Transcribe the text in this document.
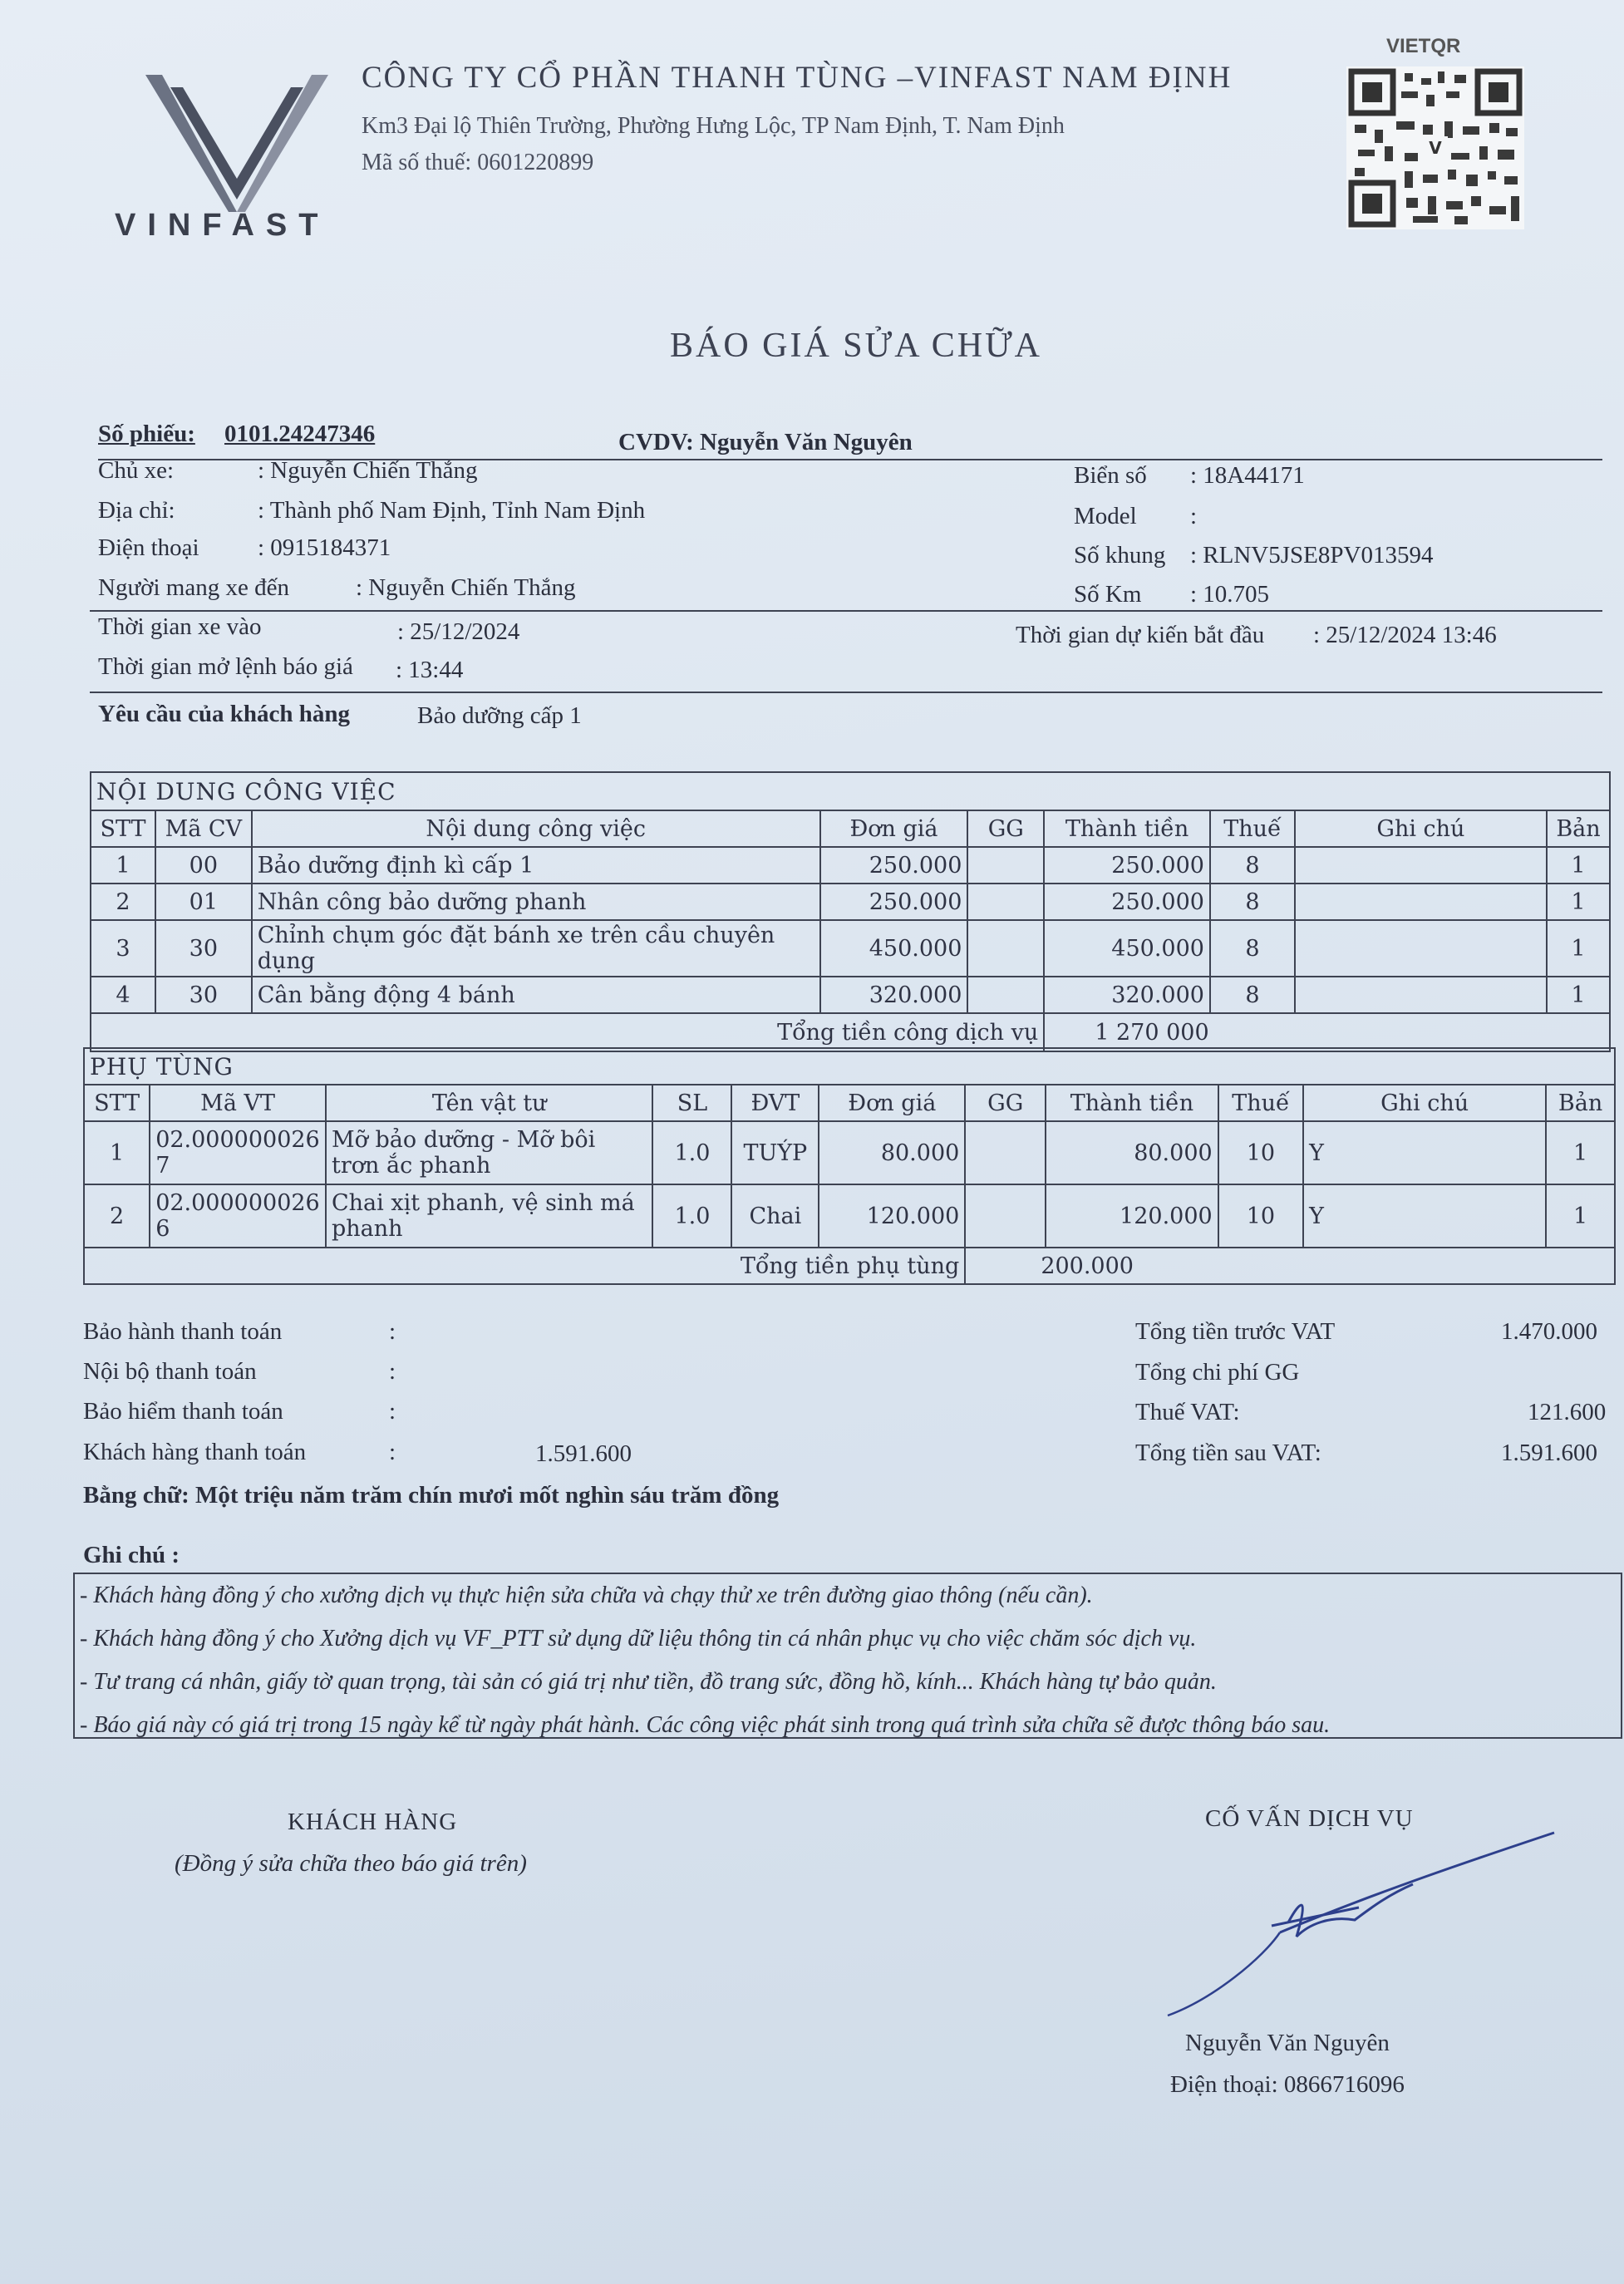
VINFAST
CÔNG TY CỔ PHẦN THANH TÙNG –VINFAST NAM ĐỊNH
Km3 Đại lộ Thiên Trường, Phường Hưng Lộc, TP Nam Định, T. Nam Định
Mã số thuế: 0601220899
VIETQR
V
BÁO GIÁ SỬA CHỮA
Số phiếu: 0101.24247346	CVDV: Nguyễn Văn Nguyên
Chủ xe:	: Nguyễn Chiến Thắng
Địa chỉ:	: Thành phố Nam Định, Tỉnh Nam Định
Điện thoại : 0915184371
Người mang xe đến	: Nguyễn Chiến Thắng
Thời gian xe vào	: 25/12/2024
Thời gian mở lệnh báo giá : 13:44
Biển số : 18A44171
Model :
Số khung : RLNV5JSE8PV013594
Số Km : 10.705
Thời gian dự kiến bắt đầu : 25/12/2024 13:46
Yêu cầu của khách hàng	Bảo dưỡng cấp 1
NỘI DUNG CÔNG VIỆC								
STT	Mã CV	Nội dung công việc	Đơn giá	GG	Thành tiền	Thuế	Ghi chú	Bản
1	00	Bảo dưỡng định kì cấp 1	250.000		250.000	8		1
2	01	Nhân công bảo dưỡng phanh	250.000		250.000	8		1
3	30	Chỉnh chụm góc đặt bánh xe trên cầu chuyên dụng	450.000		450.000	8		1
4	30	Cân bằng động 4 bánh	320.000		320.000	8		1
Tổng tiền công dịch vụ					1 270 000			
PHỤ TÙNG										
STT	Mã VT	Tên vật tư	SL	ĐVT	Đơn giá	GG	Thành tiền	Thuế	Ghi chú	Bản
1	02.000000026 7	Mỡ bảo dưỡng - Mỡ bôi trơn ắc phanh	1.0	TUÝP	80.000		80.000	10	Y	1
2	02.000000026 6	Chai xịt phanh, vệ sinh má phanh	1.0	Chai	120.000		120.000	10	Y	1
Tổng tiền phụ tùng						200.000				
Bảo hành thanh toán	:
Nội bộ thanh toán	:
Bảo hiểm thanh toán	:
Khách hàng thanh toán	:	1.591.600
Tổng tiền trước VAT	1.470.000
Tổng chi phí GG
Thuế VAT:	121.600
Tổng tiền sau VAT:	1.591.600
Bằng chữ: Một triệu năm trăm chín mươi mốt nghìn sáu trăm đồng
Ghi chú :
- Khách hàng đồng ý cho xưởng dịch vụ thực hiện sửa chữa và chạy thử xe trên đường giao thông (nếu cần).
- Khách hàng đồng ý cho Xưởng dịch vụ VF_PTT sử dụng dữ liệu thông tin cá nhân phục vụ cho việc chăm sóc dịch vụ.
- Tư trang cá nhân, giấy tờ quan trọng, tài sản có giá trị như tiền, đồ trang sức, đồng hồ, kính... Khách hàng tự bảo quản.
- Báo giá này có giá trị trong 15 ngày kể từ ngày phát hành. Các công việc phát sinh trong quá trình sửa chữa sẽ được thông báo sau.
KHÁCH HÀNG
(Đồng ý sửa chữa theo báo giá trên)
CỐ VẤN DỊCH VỤ
Nguyễn Văn Nguyên
Điện thoại: 0866716096
